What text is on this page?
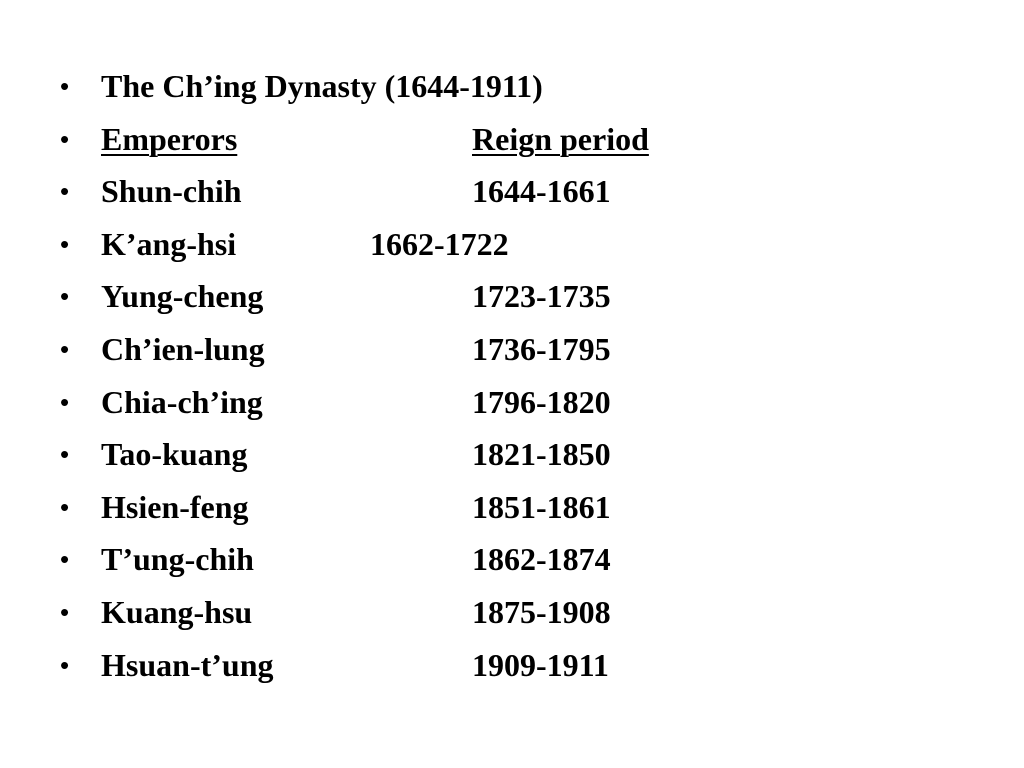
• The Ch’ing Dynasty (1644-1911)
• Emperors	Reign period
• Shun-chih	1644-1661
• K’ang-hsi	1662-1722
• Yung-cheng	1723-1735
• Ch’ien-lung	1736-1795
• Chia-ch’ing	1796-1820
• Tao-kuang	1821-1850
• Hsien-feng	1851-1861
• T’ung-chih	1862-1874
• Kuang-hsu	1875-1908
• Hsuan-t’ung	1909-1911
